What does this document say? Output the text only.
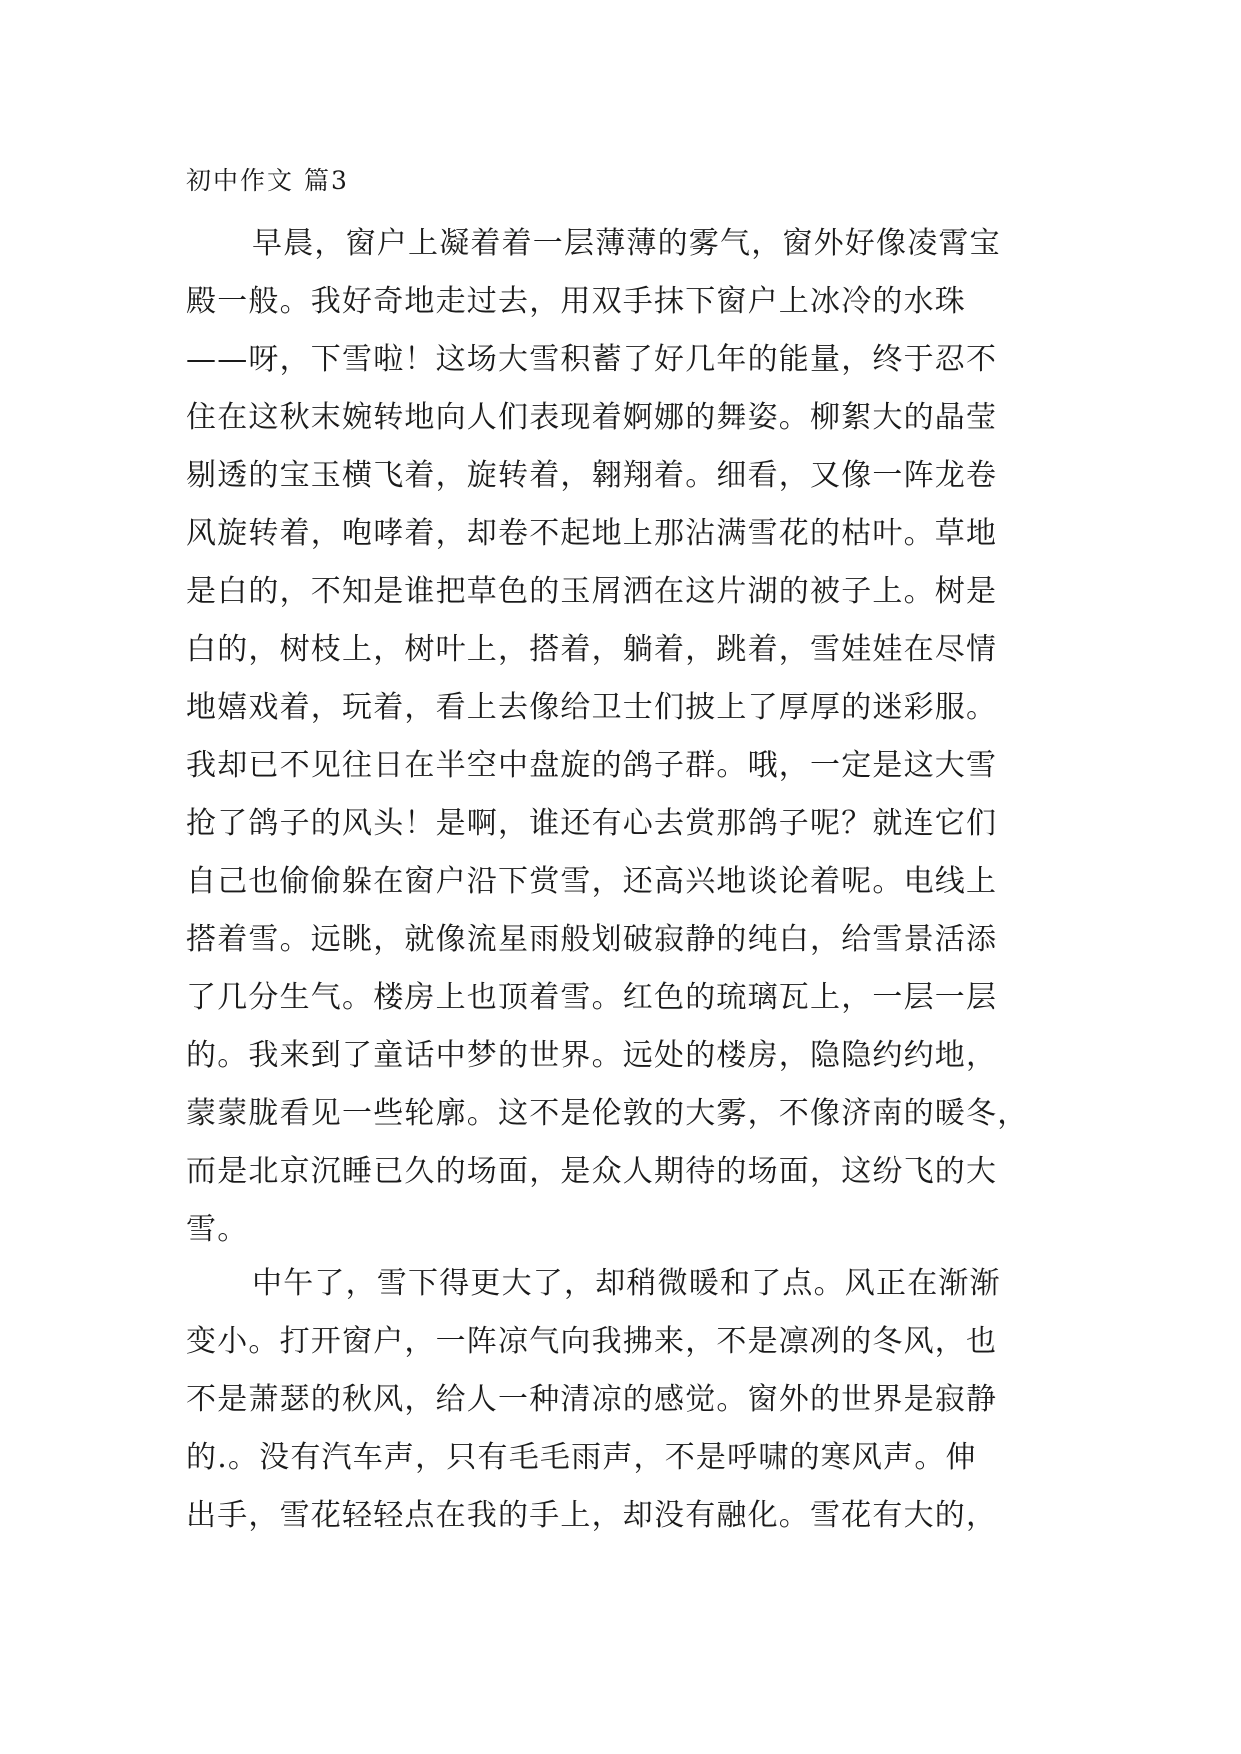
初中作文 篇3
早晨，窗户上凝着着一层薄薄的雾气，窗外好像凌霄宝
殿一般。我好奇地走过去，用双手抹下窗户上冰冷的水珠
——呀，下雪啦！这场大雪积蓄了好几年的能量，终于忍不
住在这秋末婉转地向人们表现着婀娜的舞姿。柳絮大的晶莹
剔透的宝玉横飞着，旋转着，翱翔着。细看，又像一阵龙卷
风旋转着，咆哮着，却卷不起地上那沾满雪花的枯叶。草地
是白的，不知是谁把草色的玉屑洒在这片湖的被子上。树是
白的，树枝上，树叶上，搭着，躺着，跳着，雪娃娃在尽情
地嬉戏着，玩着，看上去像给卫士们披上了厚厚的迷彩服。
我却已不见往日在半空中盘旋的鸽子群。哦，一定是这大雪
抢了鸽子的风头！是啊，谁还有心去赏那鸽子呢？就连它们
自己也偷偷躲在窗户沿下赏雪，还高兴地谈论着呢。电线上
搭着雪。远眺，就像流星雨般划破寂静的纯白，给雪景活添
了几分生气。楼房上也顶着雪。红色的琉璃瓦上，一层一层
的。我来到了童话中梦的世界。远处的楼房，隐隐约约地，
蒙蒙胧看见一些轮廓。这不是伦敦的大雾，不像济南的暖冬，
而是北京沉睡已久的场面，是众人期待的场面，这纷飞的大
雪。
中午了，雪下得更大了，却稍微暖和了点。风正在渐渐
变小。打开窗户，一阵凉气向我拂来，不是凛冽的冬风，也
不是萧瑟的秋风，给人一种清凉的感觉。窗外的世界是寂静
的.。没有汽车声，只有毛毛雨声，不是呼啸的寒风声。伸
出手，雪花轻轻点在我的手上，却没有融化。雪花有大的，
